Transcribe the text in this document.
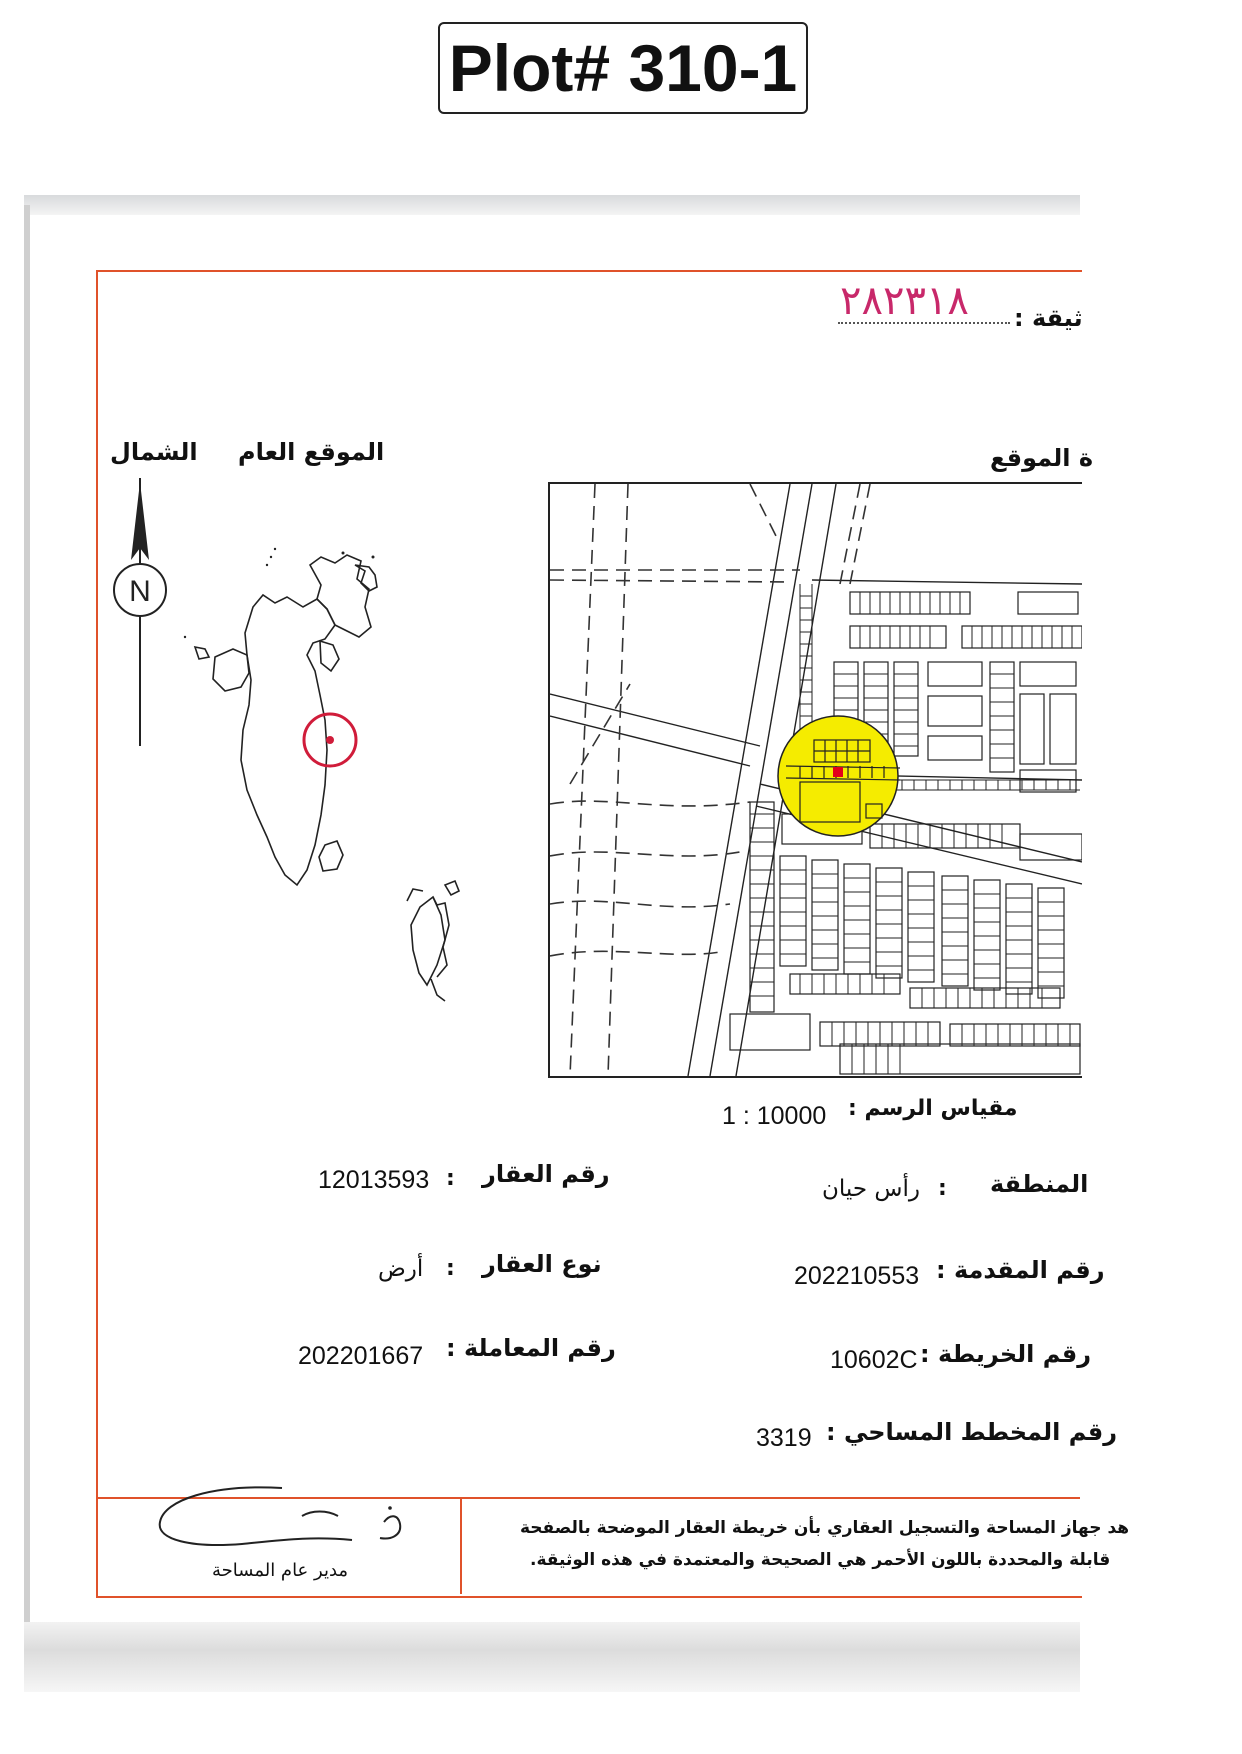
Plot# 310-1
٢٨٢٣١٨ ثيقة :
الشمال الموقع العام	ة الموقع
N
مقياس الرسم :
1 : 10000
رقم العقار
:
12013593
نوع العقار
:
أرض
رقم المعاملة :
202201667
المنطقة
:
رأس حيان
رقم المقدمة :
202210553
رقم الخريطة :
10602C
رقم المخطط المساحي :
3319
مدير عام المساحة
هد جهاز المساحة والتسجيل العقاري بأن خريطة العقار الموضحة بالصفحة
قابلة والمحددة باللون الأحمر هي الصحيحة والمعتمدة في هذه الوثيقة.
